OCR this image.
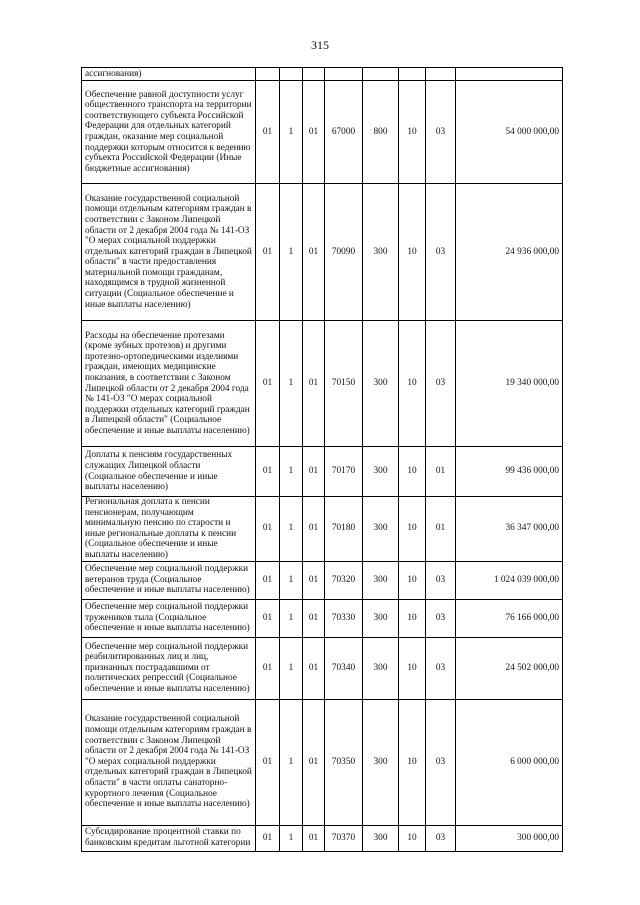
315
ассигнования)								
Обеспечение равной доступности услуг общественного транспорта на территории соответствующего субъекта Российской Федерации для отдельных категорий граждан, оказание мер социальной поддержки которым относится к ведению субъекта Российской Федерации (Иные бюджетные ассигнования)	01	1	01	67000	800	10	03	54 000 000,00
Оказание государственной социальной помощи отдельным категориям граждан в соответствии с Законом Липецкой области от 2 декабря 2004 года № 141-ОЗ "О мерах социальной поддержки отдельных категорий граждан в Липецкой области" в части предоставления материальной помощи гражданам, находящимся в трудной жизненной ситуации (Социальное обеспечение и иные выплаты населению)	01	1	01	70090	300	10	03	24 936 000,00
Расходы на обеспечение протезами (кроме зубных протезов) и другими протезно-ортопедическими изделиями граждан, имеющих медицинские показания, в соответствии с Законом Липецкой области от 2 декабря 2004 года № 141-ОЗ "О мерах социальной поддержки отдельных категорий граждан в Липецкой области" (Социальное обеспечение и иные выплаты населению)	01	1	01	70150	300	10	03	19 340 000,00
Доплаты к пенсиям государственных служащих Липецкой области (Социальное обеспечение и иные выплаты населению)	01	1	01	70170	300	10	01	99 436 000,00
Региональная доплата к пенсии пенсионерам, получающим минимальную пенсию по старости и иные региональные доплаты к пенсии (Социальное обеспечение и иные выплаты населению)	01	1	01	70180	300	10	01	36 347 000,00
Обеспечение мер социальной поддержки ветеранов труда (Социальное обеспечение и иные выплаты населению)	01	1	01	70320	300	10	03	1 024 039 000,00
Обеспечение мер социальной поддержки тружеников тыла (Социальное обеспечение и иные выплаты населению)	01	1	01	70330	300	10	03	76 166 000,00
Обеспечение мер социальной поддержки реабилитированных лиц и лиц, признанных пострадавшими от политических репрессий (Социальное обеспечение и иные выплаты населению)	01	1	01	70340	300	10	03	24 502 000,00
Оказание государственной социальной помощи отдельным категориям граждан в соответствии с Законом Липецкой области от 2 декабря 2004 года № 141-ОЗ "О мерах социальной поддержки отдельных категорий граждан в Липецкой области" в части оплаты санаторно-курортного лечения (Социальное обеспечение и иные выплаты населению)	01	1	01	70350	300	10	03	6 000 000,00
Субсидирование процентной ставки по банковским кредитам льготной категории	01	1	01	70370	300	10	03	300 000,00
